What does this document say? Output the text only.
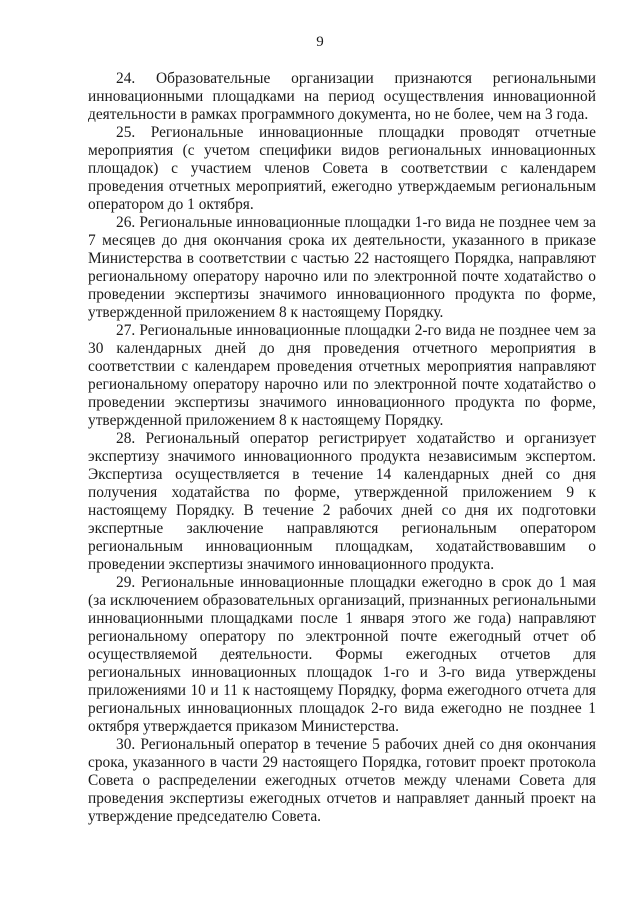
9

24. Образовательные организации признаются региональными инновационными площадками на период осуществления инновационной деятельности в рамках программного документа, но не более, чем на 3 года.

25. Региональные инновационные площадки проводят отчетные мероприятия (с учетом специфики видов региональных инновационных площадок) с участием членов Совета в соответствии с календарем проведения отчетных мероприятий, ежегодно утверждаемым региональным оператором до 1 октября.

26. Региональные инновационные площадки 1-го вида не позднее чем за 7 месяцев до дня окончания срока их деятельности, указанного в приказе Министерства в соответствии с частью 22 настоящего Порядка, направляют региональному оператору нарочно или по электронной почте ходатайство о проведении экспертизы значимого инновационного продукта по форме, утвержденной приложением 8 к настоящему Порядку.

27. Региональные инновационные площадки 2-го вида не позднее чем за 30 календарных дней до дня проведения отчетного мероприятия в соответствии с календарем проведения отчетных мероприятия направляют региональному оператору нарочно или по электронной почте ходатайство о проведении экспертизы значимого инновационного продукта по форме, утвержденной приложением 8 к настоящему Порядку.

28. Региональный оператор регистрирует ходатайство и организует экспертизу значимого инновационного продукта независимым экспертом. Экспертиза осуществляется в течение 14 календарных дней со дня получения ходатайства по форме, утвержденной приложением 9 к настоящему Порядку. В течение 2 рабочих дней со дня их подготовки экспертные заключение направляются региональным оператором региональным инновационным площадкам, ходатайствовавшим о проведении экспертизы значимого инновационного продукта.

29. Региональные инновационные площадки ежегодно в срок до 1 мая (за исключением образовательных организаций, признанных региональными инновационными площадками после 1 января этого же года) направляют региональному оператору по электронной почте ежегодный отчет об осуществляемой деятельности. Формы ежегодных отчетов для региональных инновационных площадок 1-го и 3-го вида утверждены приложениями 10 и 11 к настоящему Порядку, форма ежегодного отчета для региональных инновационных площадок 2-го вида ежегодно не позднее 1 октября утверждается приказом Министерства.

30. Региональный оператор в течение 5 рабочих дней со дня окончания срока, указанного в части 29 настоящего Порядка, готовит проект протокола Совета о распределении ежегодных отчетов между членами Совета для проведения экспертизы ежегодных отчетов и направляет данный проект на утверждение председателю Совета.
